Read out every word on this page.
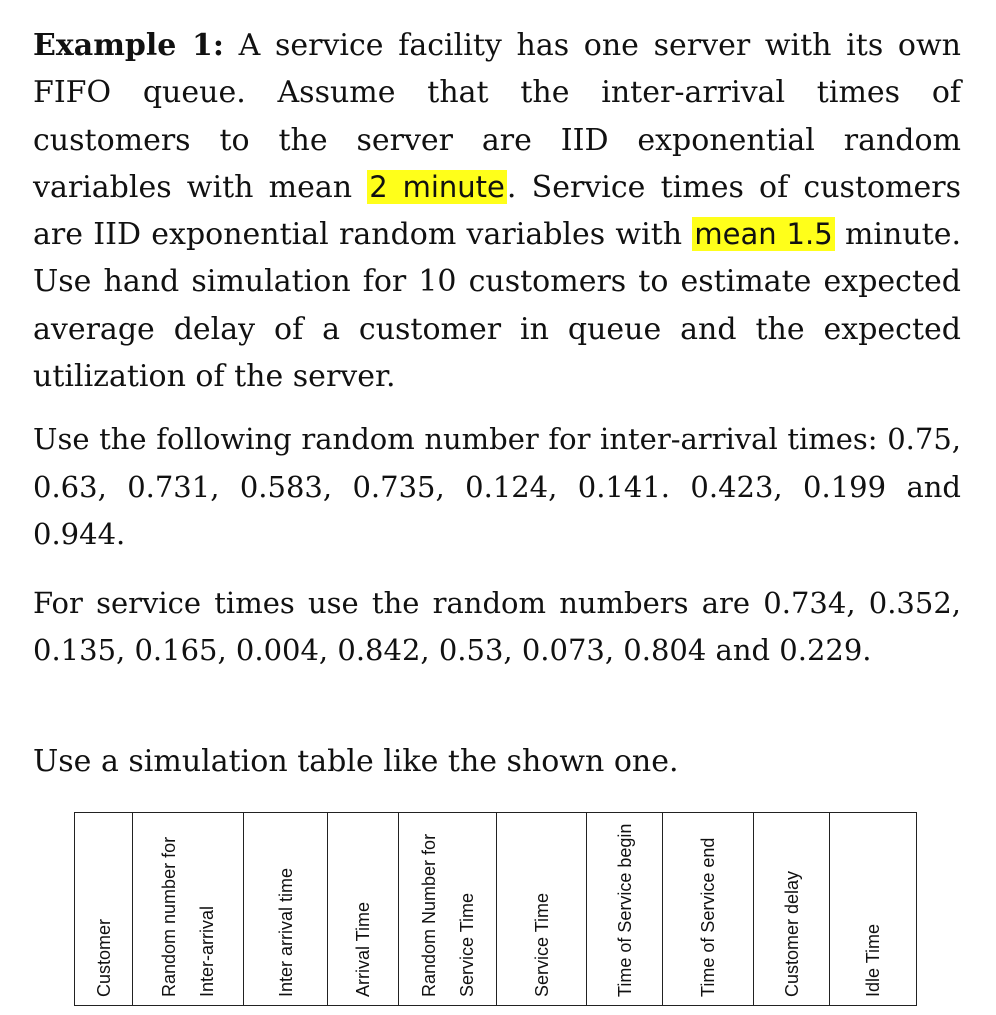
Example 1: A service facility has one server with its own FIFO queue. Assume that the inter-arrival times of customers to the server are IID exponential random variables with mean 2 minute. Service times of customers are IID exponential random variables with mean 1.5 minute. Use hand simulation for 10 customers to estimate expected average delay of a customer in queue and the expected utilization of the server.

Use the following random number for inter-arrival times: 0.75, 0.63, 0.731, 0.583, 0.735, 0.124, 0.141. 0.423, 0.199 and 0.944.

For service times use the random numbers are 0.734, 0.352, 0.135, 0.165, 0.004, 0.842, 0.53, 0.073, 0.804 and 0.229.

Use a simulation table like the shown one.

Customer	Random number for Inter-arrival	Inter arrival time	Arrival Time	Random Number for Service Time	Service Time	Time of Service begin	Time of Service end	Customer delay	Idle Time
